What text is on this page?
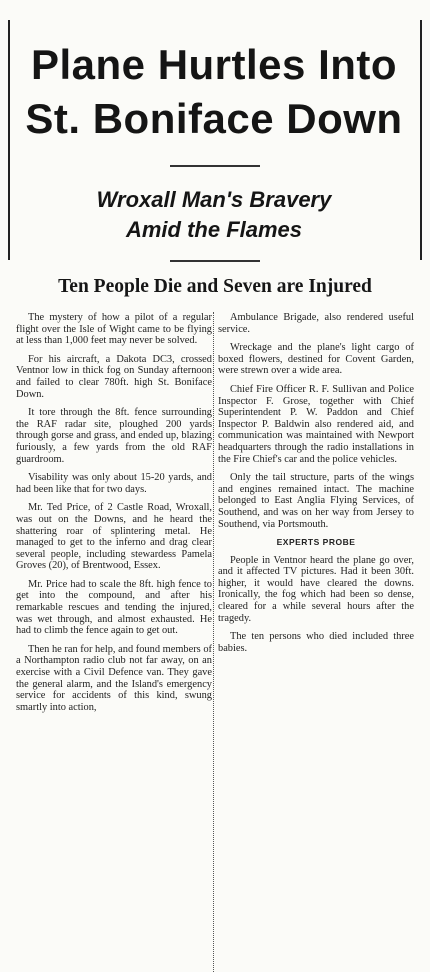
Plane Hurtles Into
St. Boniface Down
Wroxall Man's Bravery
Amid the Flames
Ten People Die and Seven are Injured

The mystery of how a pilot of a regular flight over the Isle of Wight came to be flying at less than 1,000 feet may never be solved.

For his aircraft, a Dakota DC3, crossed Ventnor low in thick fog on Sunday afternoon and failed to clear 780ft. high St. Boniface Down.

It tore through the 8ft. fence surrounding the RAF radar site, ploughed 200 yards through gorse and grass, and ended up, blazing furiously, a few yards from the old RAF guardroom.

Visability was only about 15-20 yards, and had been like that for two days.

Mr. Ted Price, of 2 Castle Road, Wroxall, was out on the Downs, and he heard the shattering roar of splintering metal. He managed to get to the inferno and drag clear several people, including stewardess Pamela Groves (20), of Brentwood, Essex.

Mr. Price had to scale the 8ft. high fence to get into the compound, and after his remarkable rescues and tending the injured, was wet through, and almost exhausted. He had to climb the fence again to get out.

Then he ran for help, and found members of a Northampton radio club not far away, on an exercise with a Civil Defence van. They gave the general alarm, and the Island's emergency service for accidents of this kind, swung smartly into action,

Ambulance Brigade, also rendered useful service.

Wreckage and the plane's light cargo of boxed flowers, destined for Covent Garden, were strewn over a wide area.

Chief Fire Officer R. F. Sullivan and Police Inspector F. Grose, together with Chief Superintendent P. W. Paddon and Chief Inspector P. Baldwin also rendered aid, and communication was maintained with Newport headquarters through the radio installations in the Fire Chief's car and the police vehicles.

Only the tail structure, parts of the wings and engines remained intact. The machine belonged to East Anglia Flying Services, of Southend, and was on her way from Jersey to Southend, via Portsmouth.

EXPERTS PROBE

People in Ventnor heard the plane go over, and it affected TV pictures. Had it been 30ft. higher, it would have cleared the downs. Ironically, the fog which had been so dense, cleared for a while several hours after the tragedy.

The ten persons who died included three babies.
